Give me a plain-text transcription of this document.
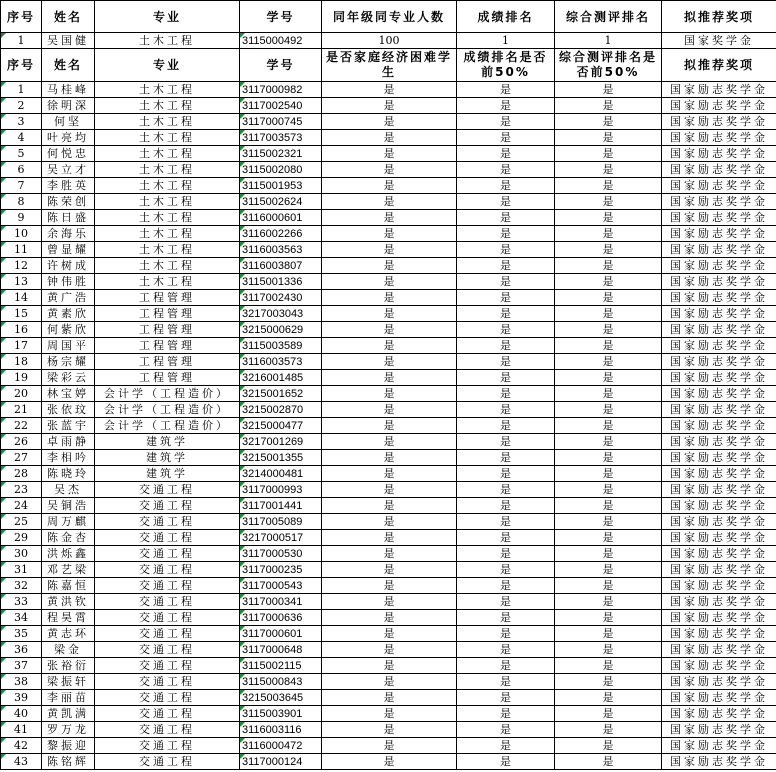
序号	姓名	专业	学号	同年级同专业人数	成绩排名	综合测评排名	拟推荐奖项

1	吴国健	土木工程	3115000492	100	1	1	国家奖学金
序号	姓名	专业	学号	是否家庭经济困难学生	成绩排名是否前50%	综合测评排名是否前50%	拟推荐奖项

1	马桂峰	土木工程	3117000982	是	是	是	国家励志奖学金

2	徐明深	土木工程	3117002540	是	是	是	国家励志奖学金

3	何坚	土木工程	3117000745	是	是	是	国家励志奖学金

4	叶亮均	土木工程	3117003573	是	是	是	国家励志奖学金

5	何悦忠	土木工程	3115002321	是	是	是	国家励志奖学金

6	吴立才	土木工程	3115002080	是	是	是	国家励志奖学金

7	李胜英	土木工程	3115001953	是	是	是	国家励志奖学金

8	陈荣创	土木工程	3115002624	是	是	是	国家励志奖学金

9	陈日盛	土木工程	3116000601	是	是	是	国家励志奖学金

10	余海乐	土木工程	3116002266	是	是	是	国家励志奖学金

11	曾显耀	土木工程	3116003563	是	是	是	国家励志奖学金

12	许树成	土木工程	3116003807	是	是	是	国家励志奖学金

13	钟伟胜	土木工程	3115001336	是	是	是	国家励志奖学金

14	黄广浩	工程管理	3117002430	是	是	是	国家励志奖学金

15	黄素欣	工程管理	3217003043	是	是	是	国家励志奖学金

16	何紫欣	工程管理	3215000629	是	是	是	国家励志奖学金

17	周国平	工程管理	3115003589	是	是	是	国家励志奖学金

18	杨宗耀	工程管理	3116003573	是	是	是	国家励志奖学金

19	梁彩云	工程管理	3216001485	是	是	是	国家励志奖学金

20	林宝婷	会计学（工程造价）	3215001652	是	是	是	国家励志奖学金

21	张依玟	会计学（工程造价）	3215002870	是	是	是	国家励志奖学金

22	张蓝宇	会计学（工程造价）	3215000477	是	是	是	国家励志奖学金

26	卓雨静	建筑学	3217001269	是	是	是	国家励志奖学金

27	李相吟	建筑学	3215001355	是	是	是	国家励志奖学金

28	陈晓玲	建筑学	3214000481	是	是	是	国家励志奖学金

23	吴杰	交通工程	3117000993	是	是	是	国家励志奖学金

24	吴铜浩	交通工程	3117001441	是	是	是	国家励志奖学金

25	周万麒	交通工程	3117005089	是	是	是	国家励志奖学金

29	陈金杏	交通工程	3217000517	是	是	是	国家励志奖学金

30	洪烁鑫	交通工程	3117000530	是	是	是	国家励志奖学金

31	邓艺梁	交通工程	3117000235	是	是	是	国家励志奖学金

32	陈嘉恒	交通工程	3117000543	是	是	是	国家励志奖学金

33	黄洪钦	交通工程	3117000341	是	是	是	国家励志奖学金

34	程昊霄	交通工程	3117000636	是	是	是	国家励志奖学金

35	黄志环	交通工程	3117000601	是	是	是	国家励志奖学金

36	梁金	交通工程	3117000648	是	是	是	国家励志奖学金

37	张裕衍	交通工程	3115002115	是	是	是	国家励志奖学金

38	梁振轩	交通工程	3115000843	是	是	是	国家励志奖学金

39	李丽苗	交通工程	3215003645	是	是	是	国家励志奖学金

40	黄凯满	交通工程	3115003901	是	是	是	国家励志奖学金

41	罗万龙	交通工程	3116003116	是	是	是	国家励志奖学金

42	黎振迎	交通工程	3116000472	是	是	是	国家励志奖学金

43	陈铭辉	交通工程	3117000124	是	是	是	国家励志奖学金
